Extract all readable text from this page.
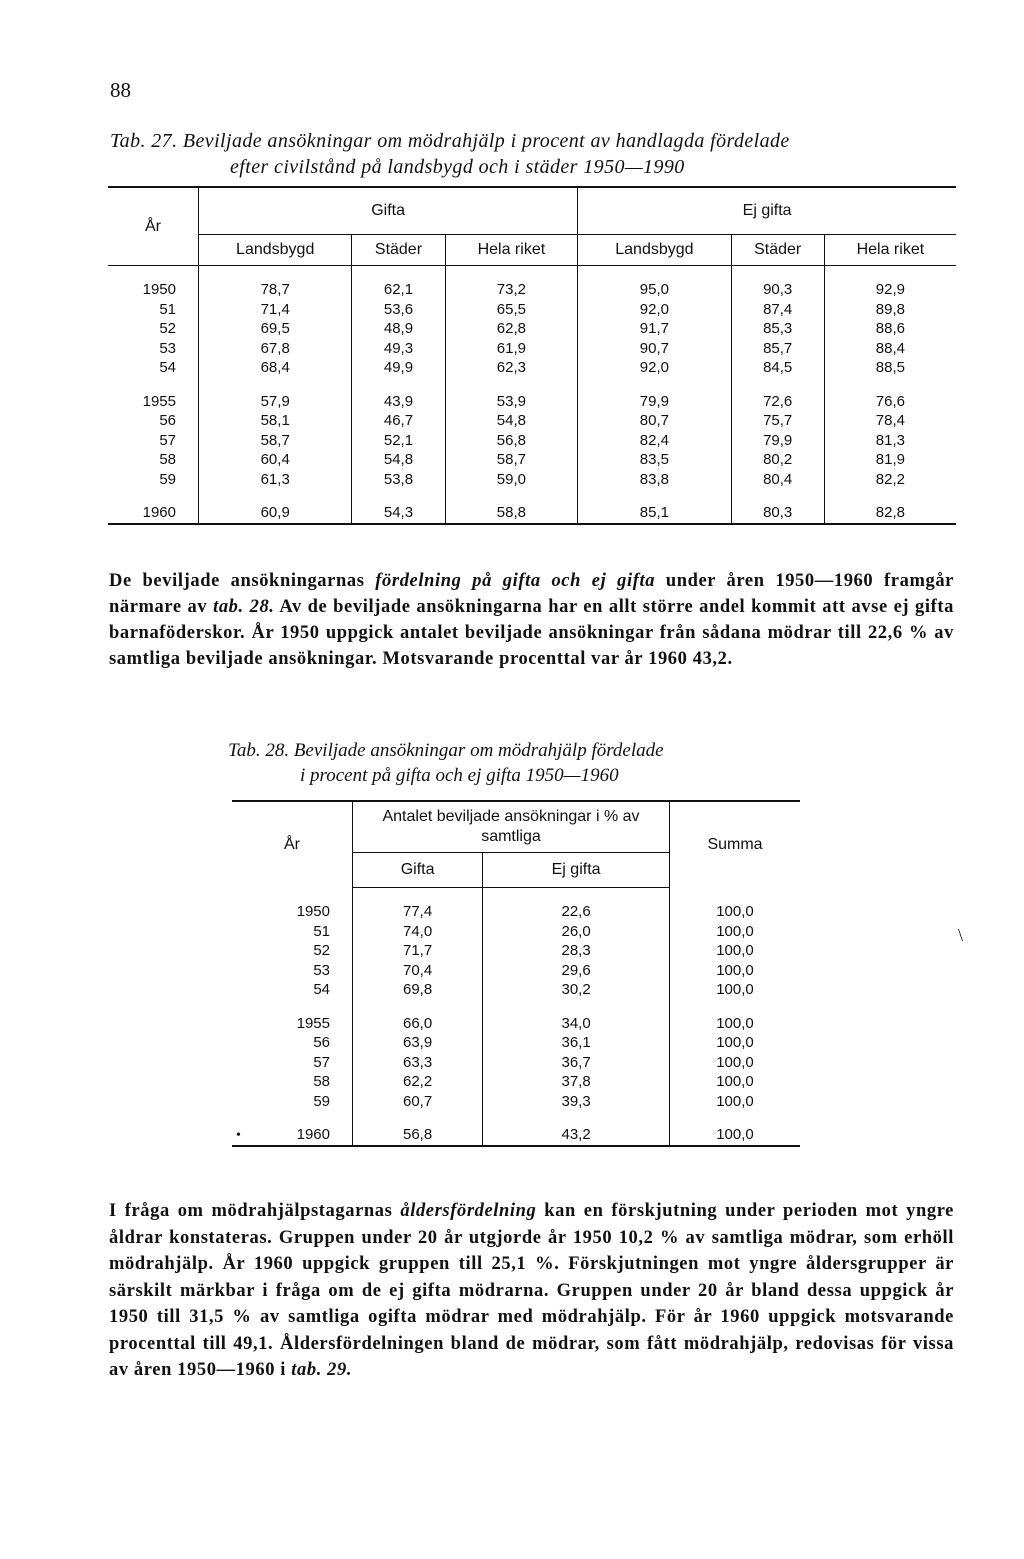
88
Tab. 27. Beviljade ansökningar om mödrahjälp i procent av handlagda fördelade
efter civilstånd på landsbygd och i städer 1950—1990
År	Gifta			Ej gifta		
	Landsbygd	Städer	Hela riket	Landsbygd	Städer	Hela riket

1950	78,7	62,1	73,2	95,0	90,3	92,9
51	71,4	53,6	65,5	92,0	87,4	89,8
52	69,5	48,9	62,8	91,7	85,3	88,6
53	67,8	49,3	61,9	90,7	85,7	88,4
54	68,4	49,9	62,3	92,0	84,5	88,5

1955	57,9	43,9	53,9	79,9	72,6	76,6
56	58,1	46,7	54,8	80,7	75,7	78,4
57	58,7	52,1	56,8	82,4	79,9	81,3
58	60,4	54,8	58,7	83,5	80,2	81,9
59	61,3	53,8	59,0	83,8	80,4	82,2

1960	60,9	54,3	58,8	85,1	80,3	82,8
De beviljade ansökningarnas fördelning på gifta och ej gifta under åren 1950—1960 framgår närmare av tab. 28. Av de beviljade ansökningarna har en allt större andel kommit att avse ej gifta barnaföderskor. År 1950 uppgick antalet beviljade ansökningar från sådana mödrar till 22,6 % av samtliga beviljade ansökningar. Motsvarande procenttal var år 1960 43,2.
Tab. 28. Beviljade ansökningar om mödrahjälp fördelade
i procent på gifta och ej gifta 1950—1960
År	Antalet beviljade ansökningar i % av samtliga		Summa
	Gifta	Ej gifta	

1950	77,4	22,6	100,0
51	74,0	26,0	100,0
52	71,7	28,3	100,0
53	70,4	29,6	100,0
54	69,8	30,2	100,0

1955	66,0	34,0	100,0
56	63,9	36,1	100,0
57	63,3	36,7	100,0
58	62,2	37,8	100,0
59	60,7	39,3	100,0

1960	56,8	43,2	100,0
•
\
I fråga om mödrahjälpstagarnas åldersfördelning kan en förskjutning under perioden mot yngre åldrar konstateras. Gruppen under 20 år utgjorde år 1950 10,2 % av samtliga mödrar, som erhöll mödrahjälp. År 1960 uppgick gruppen till 25,1 %. Förskjutningen mot yngre åldersgrupper är särskilt märkbar i fråga om de ej gifta mödrarna. Gruppen under 20 år bland dessa uppgick år 1950 till 31,5 % av samtliga ogifta mödrar med mödrahjälp. För år 1960 uppgick motsvarande procenttal till 49,1. Åldersfördelningen bland de mödrar, som fått mödrahjälp, redovisas för vissa av åren 1950—1960 i tab. 29.
